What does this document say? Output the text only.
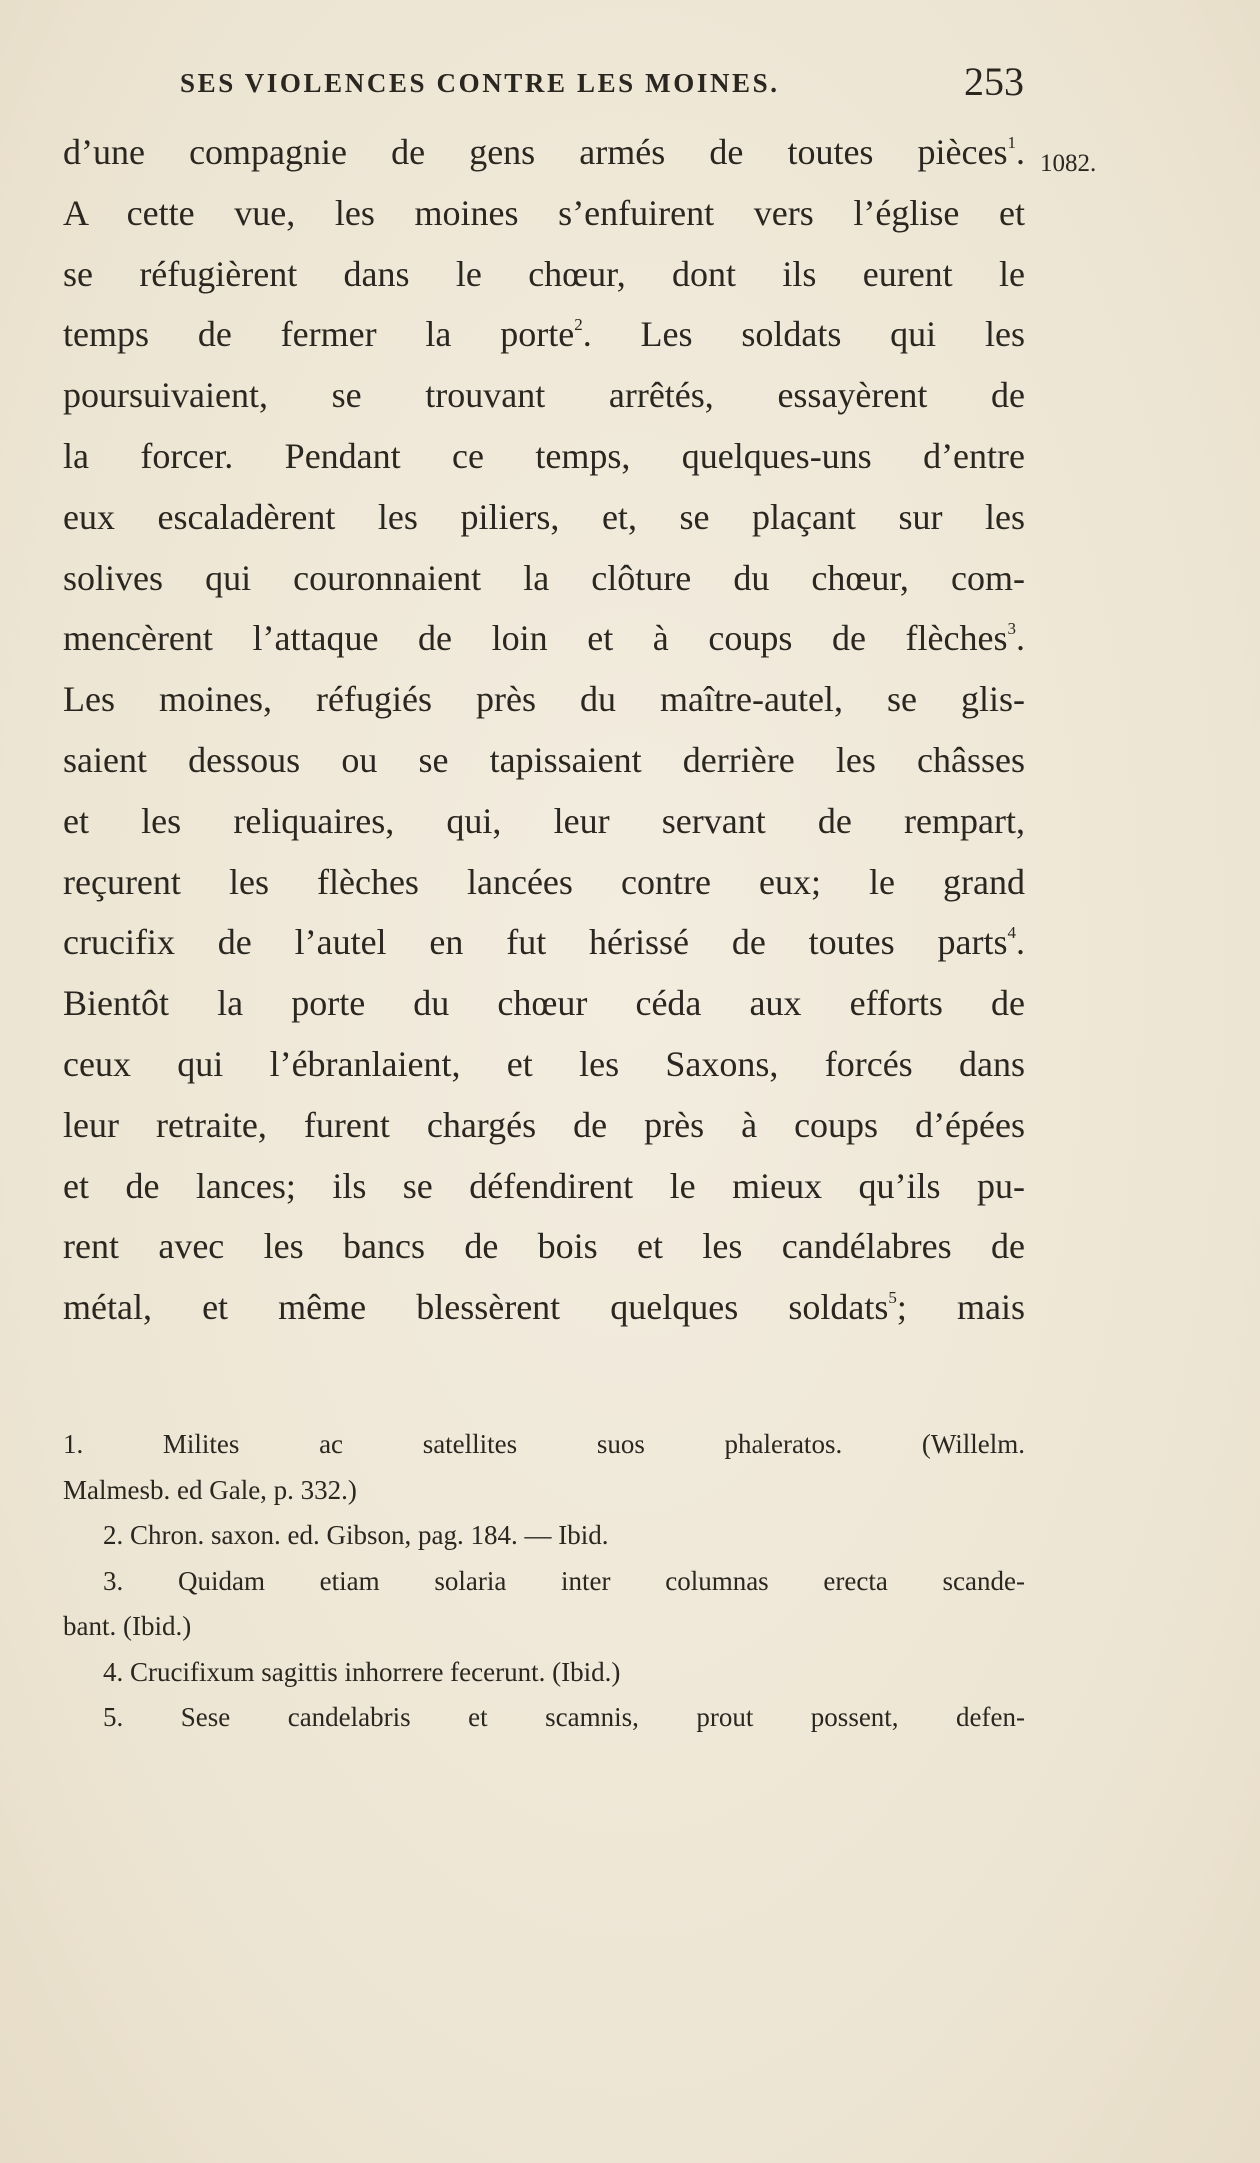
SES VIOLENCES CONTRE LES MOINES.	253
1082.
d’une compagnie de gens armés de toutes pièces$^1$.
A cette vue, les moines s’enfuirent vers l’église et
se réfugièrent dans le chœur, dont ils eurent le
temps de fermer la porte$^2$. Les soldats qui les
poursuivaient, se trouvant arrêtés, essayèrent de
la forcer. Pendant ce temps, quelques-uns d’entre
eux escaladèrent les piliers, et, se plaçant sur les
solives qui couronnaient la clôture du chœur, com-
mencèrent l’attaque de loin et à coups de flèches$^3$.
Les moines, réfugiés près du maître-autel, se glis-
saient dessous ou se tapissaient derrière les châsses
et les reliquaires, qui, leur servant de rempart,
reçurent les flèches lancées contre eux; le grand
crucifix de l’autel en fut hérissé de toutes parts$^4$.
Bientôt la porte du chœur céda aux efforts de
ceux qui l’ébranlaient, et les Saxons, forcés dans
leur retraite, furent chargés de près à coups d’épées
et de lances; ils se défendirent le mieux qu’ils pu-
rent avec les bancs de bois et les candélabres de
métal, et même blessèrent quelques soldats$^5$; mais
1. Milites ac satellites suos phaleratos. (Willelm.
Malmesb. ed Gale, p. 332.)
2. Chron. saxon. ed. Gibson, pag. 184. — Ibid.
3. Quidam etiam solaria inter columnas erecta scande-
bant. (Ibid.)
4. Crucifixum sagittis inhorrere fecerunt. (Ibid.)
5. Sese candelabris et scamnis, prout possent, defen-
